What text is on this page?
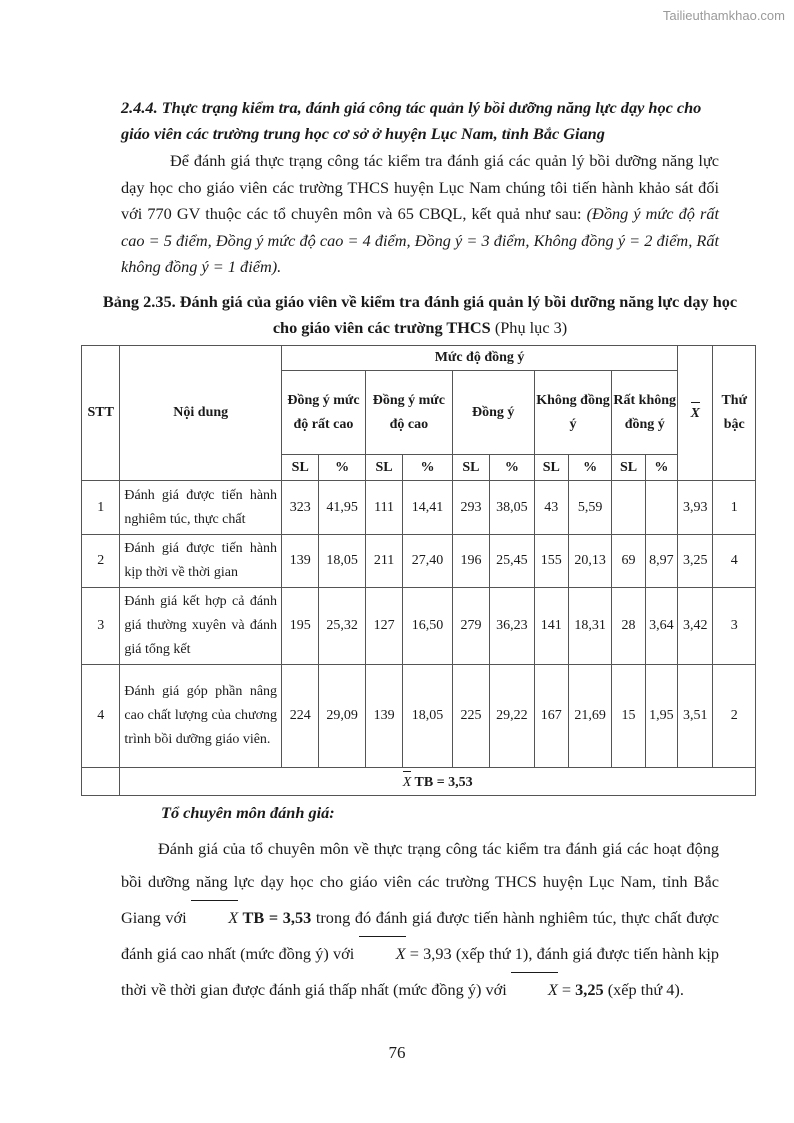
Tailieuthamkhao.com

2.4.4. Thực trạng kiểm tra, đánh giá công tác quản lý bồi dưỡng năng lực dạy học cho giáo viên các trường trung học cơ sở ở huyện Lục Nam, tỉnh Bắc Giang

Để đánh giá thực trạng công tác kiểm tra đánh giá các quản lý bồi dưỡng năng lực dạy học cho giáo viên các trường THCS huyện Lục Nam chúng tôi tiến hành khảo sát đối với 770 GV thuộc các tổ chuyên môn và 65 CBQL, kết quả như sau: (Đồng ý mức độ rất cao = 5 điểm, Đồng ý mức độ cao = 4 điểm, Đồng ý = 3 điểm, Không đồng ý = 2 điểm, Rất không đồng ý = 1 điểm).

Bảng 2.35. Đánh giá của giáo viên về kiểm tra đánh giá quản lý bồi dưỡng năng lực dạy học cho giáo viên các trường THCS (Phụ lục 3)

STT	Nội dung	Mức độ đồng ý										X	Thứ bậc
		Đồng ý mức độ rất cao		Đồng ý mức độ cao		Đồng ý		Không đồng ý		Rất không đồng ý			
		SL	%	SL	%	SL	%	SL	%	SL	%		
1	Đánh giá được tiến hành nghiêm túc, thực chất	323	41,95	111	14,41	293	38,05	43	5,59			3,93	1
2	Đánh giá được tiến hành kịp thời về thời gian	139	18,05	211	27,40	196	25,45	155	20,13	69	8,97	3,25	4
3	Đánh giá kết hợp cả đánh giá thường xuyên và đánh giá tổng kết	195	25,32	127	16,50	279	36,23	141	18,31	28	3,64	3,42	3
4	Đánh giá góp phần nâng cao chất lượng của chương trình bồi dưỡng giáo viên.	224	29,09	139	18,05	225	29,22	167	21,69	15	1,95	3,51	2
	X TB = 3,53												

Tổ chuyên môn đánh giá:

Đánh giá của tổ chuyên môn về thực trạng công tác kiểm tra đánh giá các hoạt động bồi dưỡng năng lực dạy học cho giáo viên các trường THCS huyện Lục Nam, tỉnh Bắc Giang với X TB = 3,53 trong đó đánh giá được tiến hành nghiêm túc, thực chất được đánh giá cao nhất (mức đồng ý) với X = 3,93 (xếp thứ 1), đánh giá được tiến hành kịp thời về thời gian được đánh giá thấp nhất (mức đồng ý) với X = 3,25 (xếp thứ 4).

76
